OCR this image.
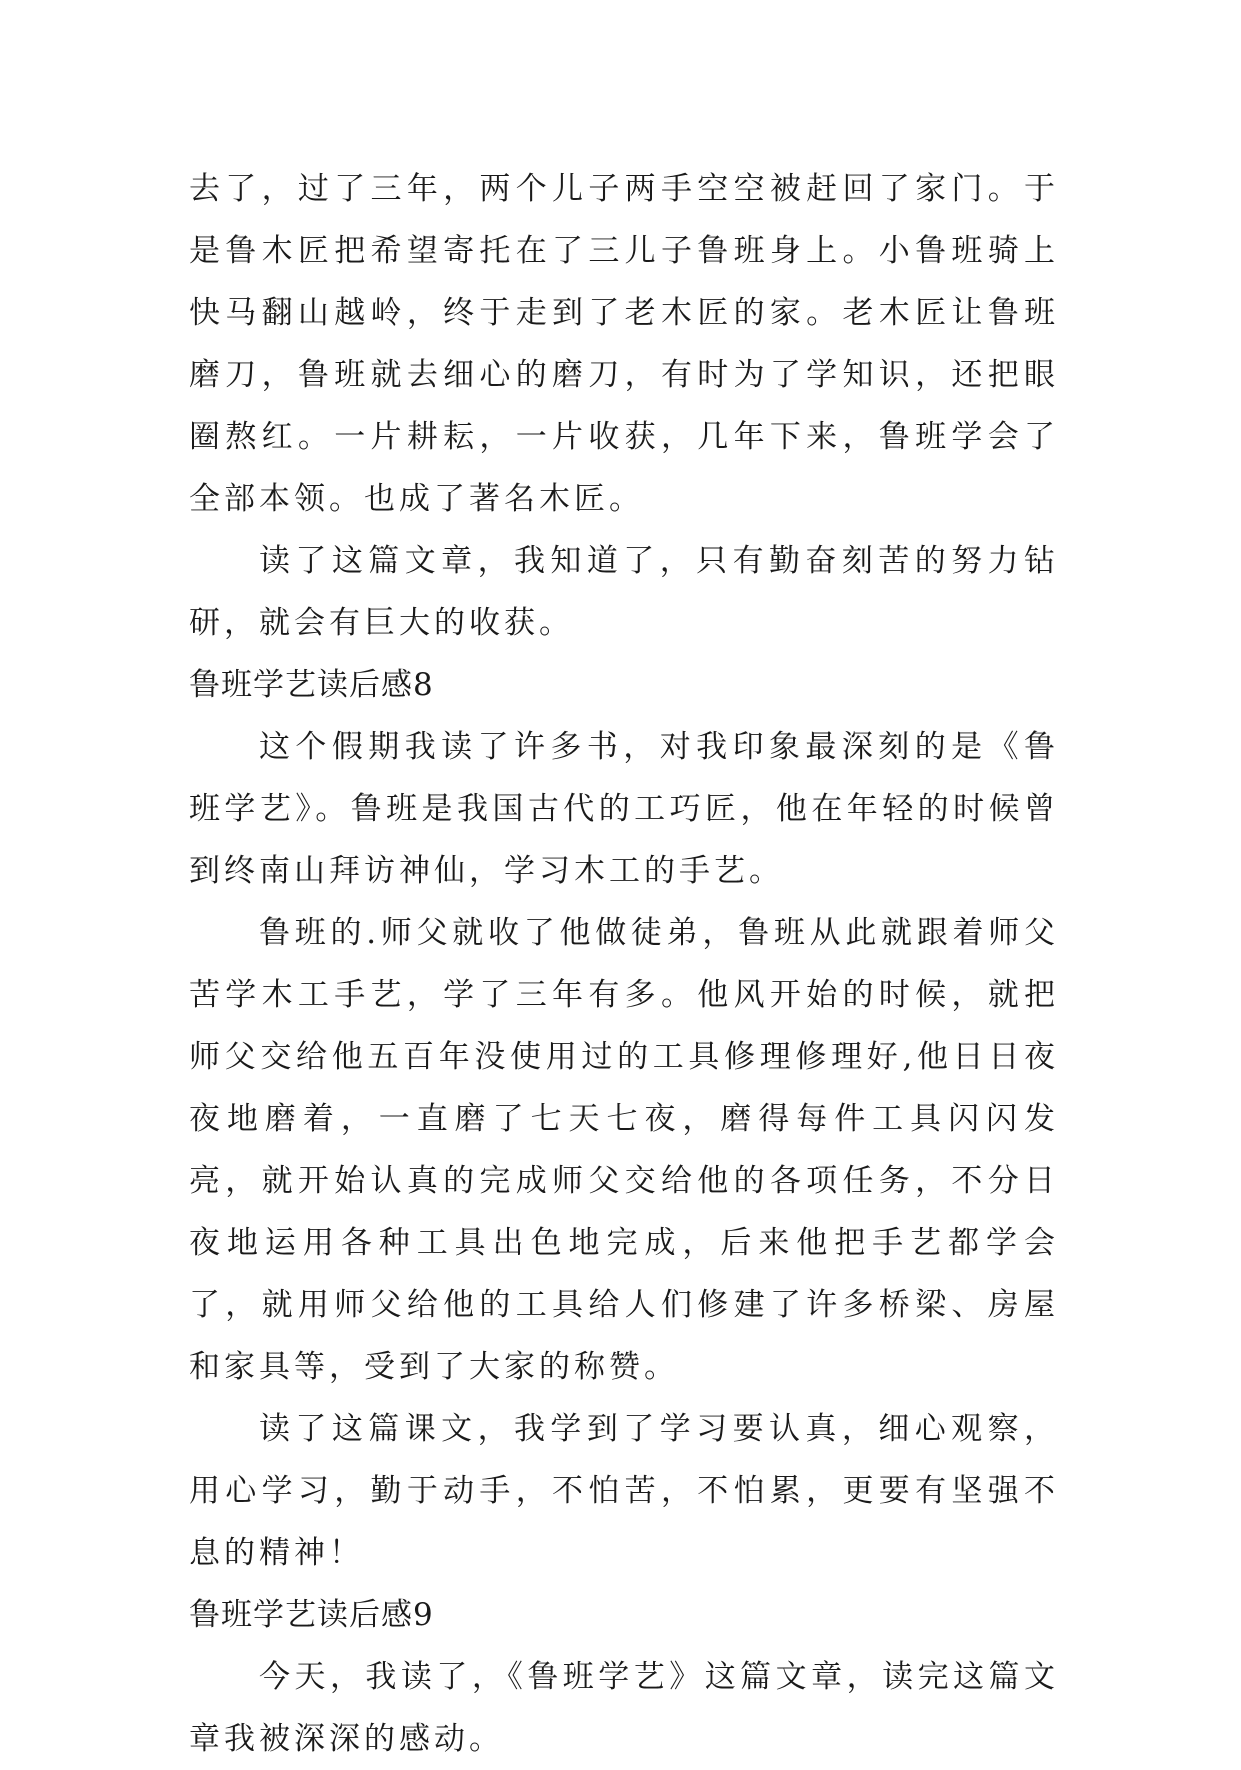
去了，过了三年，两个儿子两手空空被赶回了家门。于是鲁木匠把希望寄托在了三儿子鲁班身上。小鲁班骑上快马翻山越岭，终于走到了老木匠的家。老木匠让鲁班磨刀，鲁班就去细心的磨刀，有时为了学知识，还把眼圈熬红。一片耕耘，一片收获，几年下来，鲁班学会了全部本领。也成了著名木匠。

读了这篇文章，我知道了，只有勤奋刻苦的努力钻研，就会有巨大的收获。

鲁班学艺读后感8

这个假期我读了许多书，对我印象最深刻的是《鲁班学艺》。鲁班是我国古代的工巧匠，他在年轻的时候曾到终南山拜访神仙，学习木工的手艺。

鲁班的.师父就收了他做徒弟，鲁班从此就跟着师父苦学木工手艺，学了三年有多。他风开始的时候，就把师父交给他五百年没使用过的工具修理修理好,他日日夜夜地磨着，一直磨了七天七夜，磨得每件工具闪闪发亮，就开始认真的完成师父交给他的各项任务，不分日夜地运用各种工具出色地完成，后来他把手艺都学会了，就用师父给他的工具给人们修建了许多桥梁、房屋和家具等，受到了大家的称赞。

读了这篇课文，我学到了学习要认真，细心观察，用心学习，勤于动手，不怕苦，不怕累，更要有坚强不息的精神！

鲁班学艺读后感9

今天，我读了，《鲁班学艺》这篇文章，读完这篇文章我被深深的感动。
